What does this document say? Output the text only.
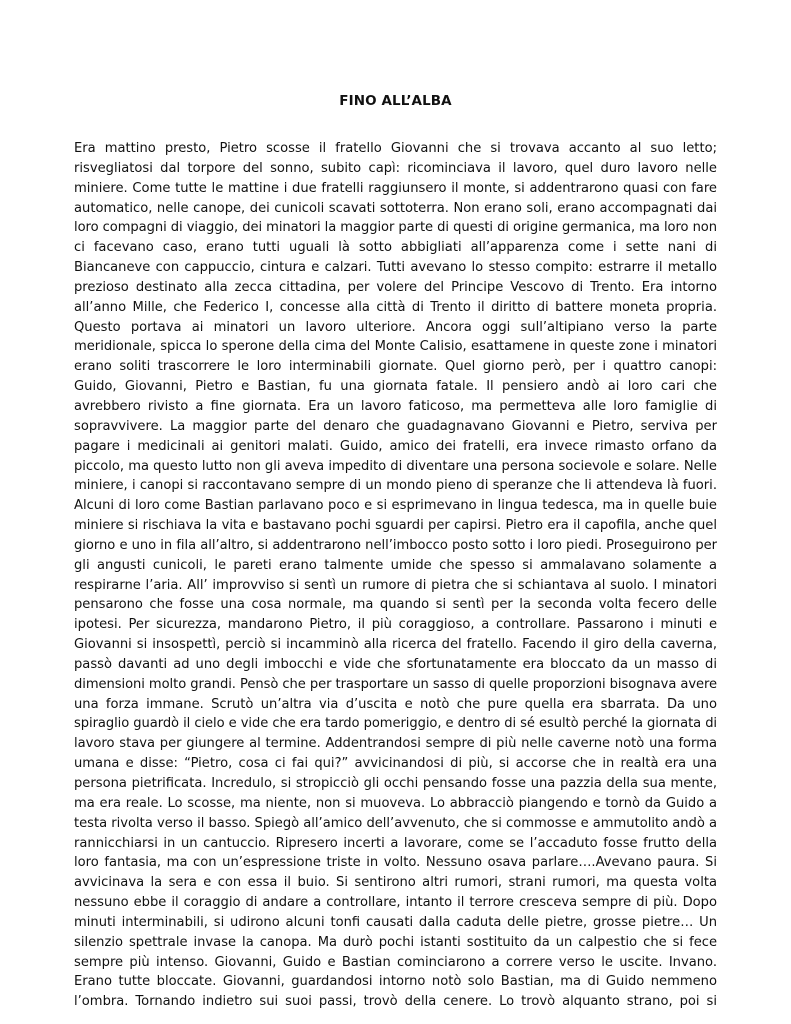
FINO ALL’ALBA
Era mattino presto, Pietro scosse il fratello Giovanni che si trovava accanto al suo letto;
risvegliatosi dal torpore del sonno, subito capì: ricominciava il lavoro, quel duro lavoro nelle
miniere. Come tutte le mattine i due fratelli raggiunsero il monte, si addentrarono quasi con fare
automatico, nelle canope, dei cunicoli scavati sottoterra. Non erano soli, erano accompagnati dai
loro compagni di viaggio, dei minatori la maggior parte di questi di origine germanica, ma loro non
ci facevano caso, erano tutti uguali là sotto abbigliati all’apparenza come i sette nani di
Biancaneve con cappuccio, cintura e calzari. Tutti avevano lo stesso compito: estrarre il metallo
prezioso destinato alla zecca cittadina, per volere del Principe Vescovo di Trento. Era intorno
all’anno Mille, che Federico I, concesse alla città di Trento il diritto di battere moneta propria.
Questo portava ai minatori un lavoro ulteriore. Ancora oggi sull’altipiano verso la parte
meridionale, spicca lo sperone della cima del Monte Calisio, esattamene in queste zone i minatori
erano soliti trascorrere le loro interminabili giornate. Quel giorno però, per i quattro canopi:
Guido, Giovanni, Pietro e Bastian, fu una giornata fatale. Il pensiero andò ai loro cari che
avrebbero rivisto a fine giornata. Era un lavoro faticoso, ma permetteva alle loro famiglie di
sopravvivere. La maggior parte del denaro che guadagnavano Giovanni e Pietro, serviva per
pagare i medicinali ai genitori malati. Guido, amico dei fratelli, era invece rimasto orfano da
piccolo, ma questo lutto non gli aveva impedito di diventare una persona socievole e solare. Nelle
miniere, i canopi si raccontavano sempre di un mondo pieno di speranze che li attendeva là fuori.
Alcuni di loro come Bastian parlavano poco e si esprimevano in lingua tedesca, ma in quelle buie
miniere si rischiava la vita e bastavano pochi sguardi per capirsi. Pietro era il capofila, anche quel
giorno e uno in fila all’altro, si addentrarono nell’imbocco posto sotto i loro piedi. Proseguirono per
gli angusti cunicoli, le pareti erano talmente umide che spesso si ammalavano solamente a
respirarne l’aria. All’ improvviso si sentì un rumore di pietra che si schiantava al suolo. I minatori
pensarono che fosse una cosa normale, ma quando si sentì per la seconda volta fecero delle
ipotesi. Per sicurezza, mandarono Pietro, il più coraggioso, a controllare. Passarono i minuti e
Giovanni si insospettì, perciò si incamminò alla ricerca del fratello. Facendo il giro della caverna,
passò davanti ad uno degli imbocchi e vide che sfortunatamente era bloccato da un masso di
dimensioni molto grandi. Pensò che per trasportare un sasso di quelle proporzioni bisognava avere
una forza immane. Scrutò un’altra via d’uscita e notò che pure quella era sbarrata. Da uno
spiraglio guardò il cielo e vide che era tardo pomeriggio, e dentro di sé esultò perché la giornata di
lavoro stava per giungere al termine. Addentrandosi sempre di più nelle caverne notò una forma
umana e disse: “Pietro, cosa ci fai qui?” avvicinandosi di più, si accorse che in realtà era una
persona pietrificata. Incredulo, si stropicciò gli occhi pensando fosse una pazzia della sua mente,
ma era reale. Lo scosse, ma niente, non si muoveva. Lo abbracciò piangendo e tornò da Guido a
testa rivolta verso il basso. Spiegò all’amico dell’avvenuto, che si commosse e ammutolito andò a
rannicchiarsi in un cantuccio. Ripresero incerti a lavorare, come se l’accaduto fosse frutto della
loro fantasia, ma con un’espressione triste in volto. Nessuno osava parlare….Avevano paura. Si
avvicinava la sera e con essa il buio. Si sentirono altri rumori, strani rumori, ma questa volta
nessuno ebbe il coraggio di andare a controllare, intanto il terrore cresceva sempre di più. Dopo
minuti interminabili, si udirono alcuni tonfi causati dalla caduta delle pietre, grosse pietre… Un
silenzio spettrale invase la canopa. Ma durò pochi istanti sostituito da un calpestio che si fece
sempre più intenso. Giovanni, Guido e Bastian cominciarono a correre verso le uscite. Invano.
Erano tutte bloccate. Giovanni, guardandosi intorno notò solo Bastian, ma di Guido nemmeno
l’ombra. Tornando indietro sui suoi passi, trovò della cenere. Lo trovò alquanto strano, poi si
